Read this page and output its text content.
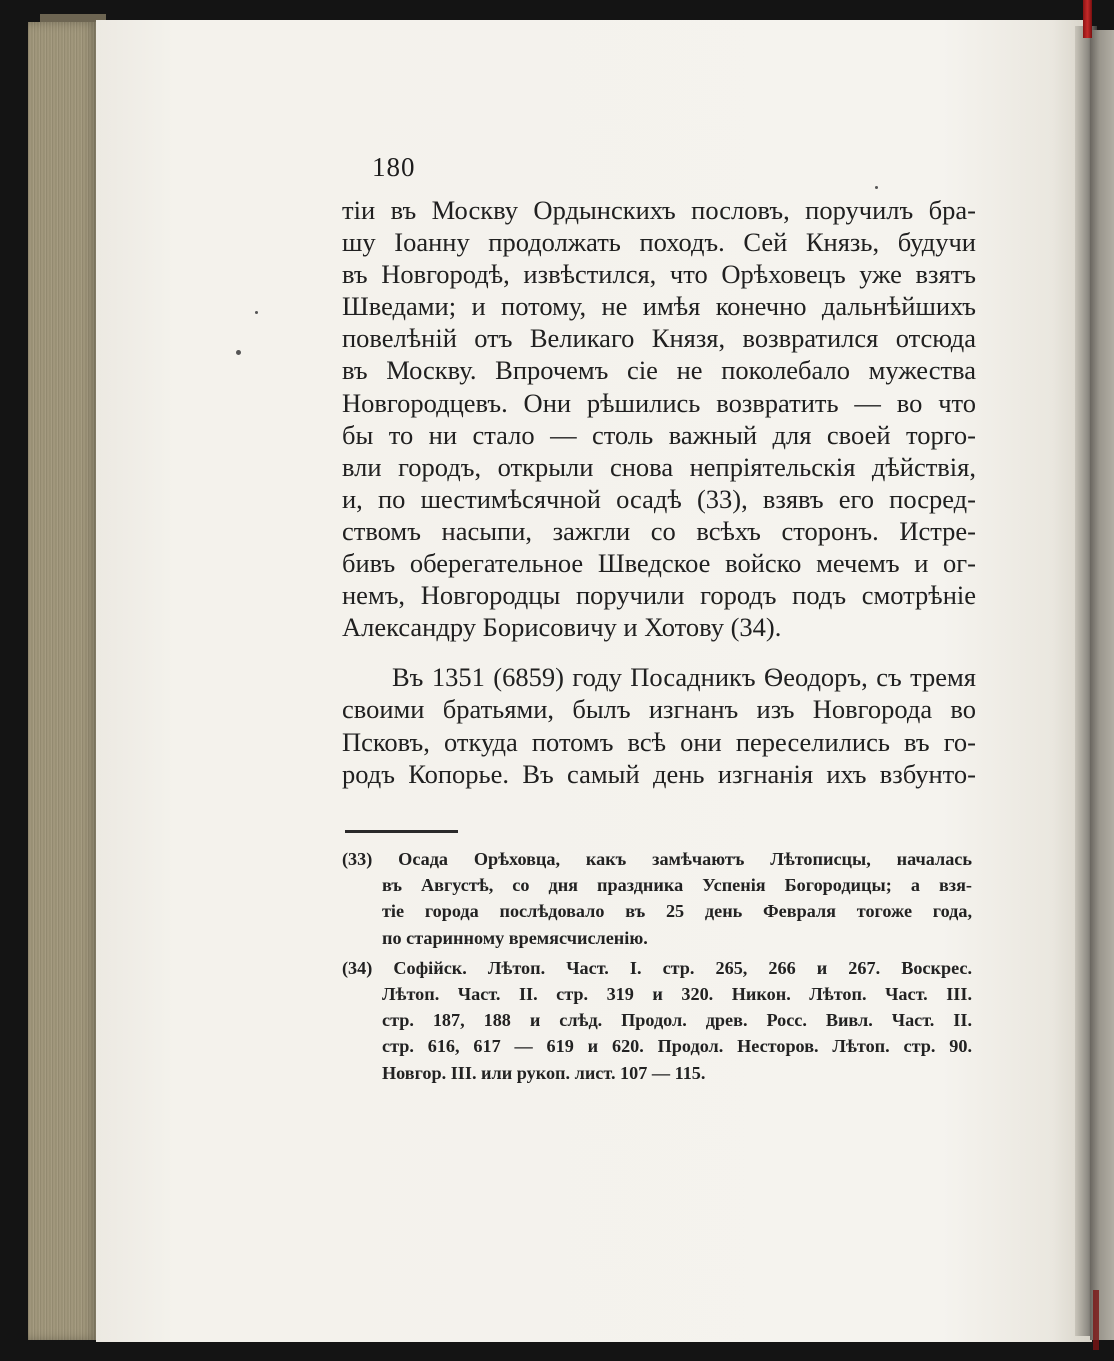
180
тіи въ Москву Ордынскихъ пословъ, поручилъ бра-
шу Іоанну продолжать походъ. Сей Князь, будучи
въ Новгородѣ, извѣстился, что Орѣховецъ уже взятъ
Шведами; и потому, не имѣя конечно дальнѣйшихъ
повелѣній отъ Великаго Князя, возвратился отсюда
въ Москву. Впрочемъ сіе не поколебало мужества
Новгородцевъ. Они рѣшились возвратить — во что
бы то ни стало — столь важный для своей торго-
вли городъ, открыли снова непріятельскія дѣйствія,
и, по шестимѣсячной осадѣ (33), взявъ его посред-
ствомъ насыпи, зажгли со всѣхъ сторонъ. Истре-
бивъ оберегательное Шведское войско мечемъ и ог-
немъ, Новгородцы поручили городъ подъ смотрѣніе
Александру Борисовичу и Хотову (34).
Въ 1351 (6859) году Посадникъ Ѳеодоръ, съ тремя
своими братьями, былъ изгнанъ изъ Новгорода во
Псковъ, откуда потомъ всѣ они переселились въ го-
родъ Копорье. Въ самый день изгнанія ихъ взбунто-
(33) Осада Орѣховца, какъ замѣчаютъ Лѣтописцы, началась
въ Августѣ, со дня праздника Успенія Богородицы; а взя-
тіе города послѣдовало въ 25 день Февраля тогоже года,
по старинному времясчисленію.
(34) Софійск. Лѣтоп. Част. I. стр. 265, 266 и 267. Воскрес.
Лѣтоп. Част. II. стр. 319 и 320. Никон. Лѣтоп. Част. III.
стр. 187, 188 и слѣд. Продол. древ. Росс. Вивл. Част. II.
стр. 616, 617 — 619 и 620. Продол. Несторов. Лѣтоп. стр. 90.
Новгор. III. или рукоп. лист. 107 — 115.
